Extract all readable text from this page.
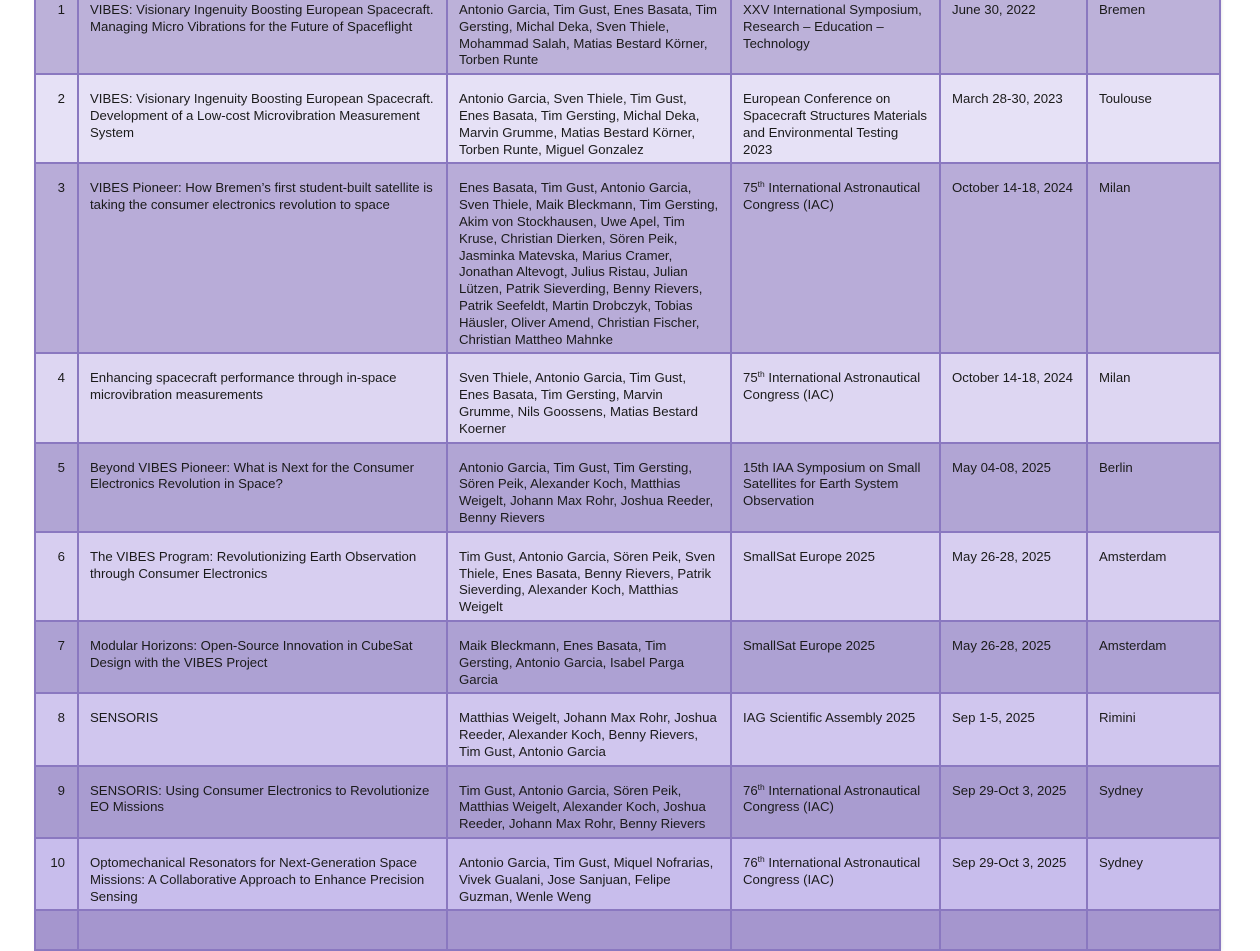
1	VIBES: Visionary Ingenuity Boosting European Spacecraft. Managing Micro Vibrations for the Future of Spaceflight	Antonio Garcia, Tim Gust, Enes Basata, Tim Gersting, Michal Deka, Sven Thiele, Mohammad Salah, Matias Bestard Körner, Torben Runte	XXV International Symposium, Research – Education – Technology	June 30, 2022	Bremen
2	VIBES: Visionary Ingenuity Boosting European Spacecraft. Development of a Low-cost Microvibration Measurement System	Antonio Garcia, Sven Thiele, Tim Gust, Enes Basata, Tim Gersting, Michal Deka, Marvin Grumme, Matias Bestard Körner, Torben Runte, Miguel Gonzalez	European Conference on Spacecraft Structures Materials and Environmental Testing 2023	March 28-30, 2023	Toulouse
3	VIBES Pioneer: How Bremen’s first student-built satellite is taking the consumer electronics revolution to space	Enes Basata, Tim Gust, Antonio Garcia, Sven Thiele, Maik Bleckmann, Tim Gersting, Akim von Stockhausen, Uwe Apel, Tim Kruse, Christian Dierken, Sören Peik, Jasminka Matevska, Marius Cramer, Jonathan Altevogt, Julius Ristau, Julian Lützen, Patrik Sieverding, Benny Rievers, Patrik Seefeldt, Martin Drobczyk, Tobias Häusler, Oliver Amend, Christian Fischer, Christian Mattheo Mahnke	75th International Astronautical Congress (IAC)	October 14-18, 2024	Milan
4	Enhancing spacecraft performance through in-space microvibration measurements	Sven Thiele, Antonio Garcia, Tim Gust, Enes Basata, Tim Gersting, Marvin Grumme, Nils Goossens, Matias Bestard Koerner	75th International Astronautical Congress (IAC)	October 14-18, 2024	Milan
5	Beyond VIBES Pioneer: What is Next for the Consumer Electronics Revolution in Space?	Antonio Garcia, Tim Gust, Tim Gersting, Sören Peik, Alexander Koch, Matthias Weigelt, Johann Max Rohr, Joshua Reeder, Benny Rievers	15th IAA Symposium on Small Satellites for Earth System Observation	May 04-08, 2025	Berlin
6	The VIBES Program: Revolutionizing Earth Observation through Consumer Electronics	Tim Gust, Antonio Garcia, Sören Peik, Sven Thiele, Enes Basata, Benny Rievers, Patrik Sieverding, Alexander Koch, Matthias Weigelt	SmallSat Europe 2025	May 26-28, 2025	Amsterdam
7	Modular Horizons: Open-Source Innovation in CubeSat Design with the VIBES Project	Maik Bleckmann, Enes Basata, Tim Gersting, Antonio Garcia, Isabel Parga Garcia	SmallSat Europe 2025	May 26-28, 2025	Amsterdam
8	SENSORIS	Matthias Weigelt, Johann Max Rohr, Joshua Reeder, Alexander Koch, Benny Rievers, Tim Gust, Antonio Garcia	IAG Scientific Assembly 2025	Sep 1-5, 2025	Rimini
9	SENSORIS: Using Consumer Electronics to Revolutionize EO Missions	Tim Gust, Antonio Garcia, Sören Peik, Matthias Weigelt, Alexander Koch, Joshua Reeder, Johann Max Rohr, Benny Rievers	76th International Astronautical Congress (IAC)	Sep 29-Oct 3, 2025	Sydney
10	Optomechanical Resonators for Next-Generation Space Missions: A Collaborative Approach to Enhance Precision Sensing	Antonio Garcia, Tim Gust, Miquel Nofrarias, Vivek Gualani, Jose Sanjuan, Felipe Guzman, Wenle Weng	76th International Astronautical Congress (IAC)	Sep 29-Oct 3, 2025	Sydney
